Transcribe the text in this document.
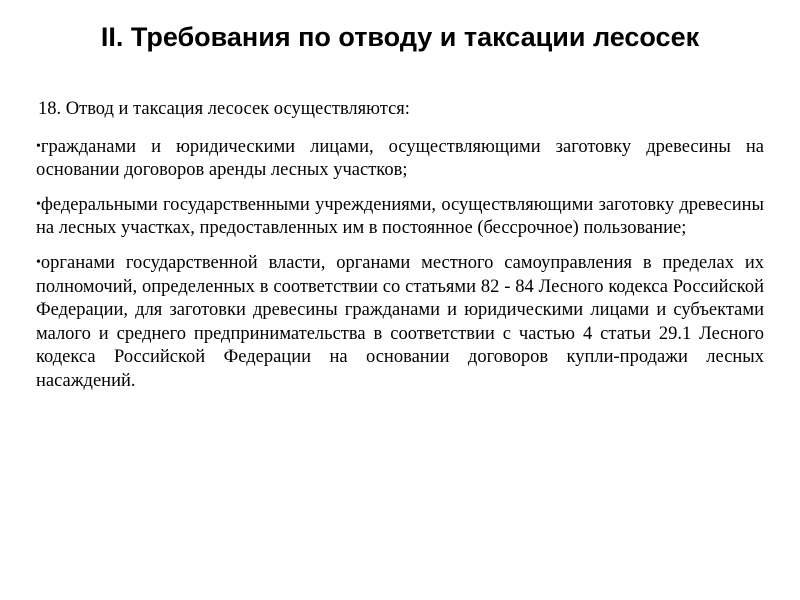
II. Требования по отводу и таксации лесосек

18. Отвод и таксация лесосек осуществляются:

•гражданами и юридическими лицами, осуществляющими заготовку древесины на основании договоров аренды лесных участков;

•федеральными государственными учреждениями, осуществляющими заготовку древесины на лесных участках, предоставленных им в постоянное (бессрочное) пользование;

•органами государственной власти, органами местного самоуправления в пределах их полномочий, определенных в соответствии со статьями 82 - 84 Лесного кодекса Российской Федерации, для заготовки древесины гражданами и юридическими лицами и субъектами малого и среднего предпринимательства в соответствии с частью 4 статьи 29.1 Лесного кодекса Российской Федерации на основании договоров купли-продажи лесных насаждений.
